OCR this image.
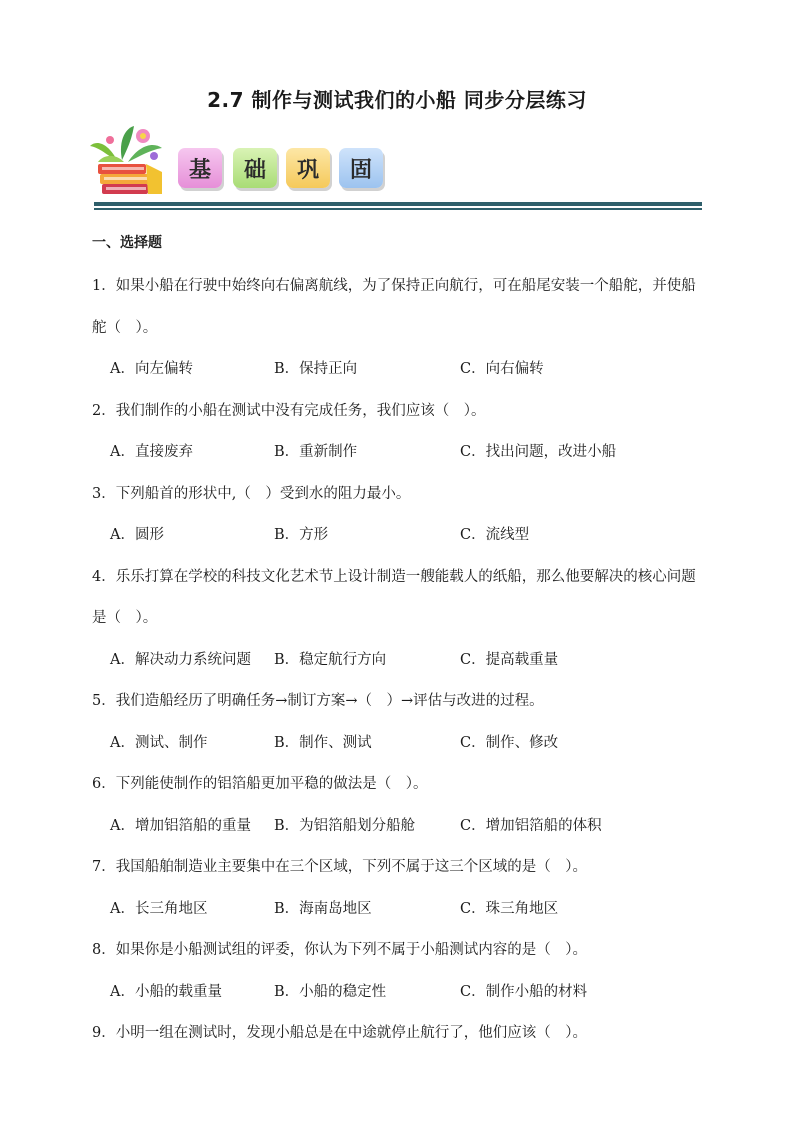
2.7 制作与测试我们的小船 同步分层练习
基	础	巩	固
一、选择题

1．如果小船在行驶中始终向右偏离航线，为了保持正向航行，可在船尾安装一个船舵，并使船

舵（　）。

A．向左偏转	B．保持正向	C．向右偏转

2．我们制作的小船在测试中没有完成任务，我们应该（　）。

A．直接废弃	B．重新制作	C．找出问题，改进小船

3．下列船首的形状中,（　）受到水的阻力最小。

A．圆形	B．方形	C．流线型

4．乐乐打算在学校的科技文化艺术节上设计制造一艘能载人的纸船，那么他要解决的核心问题

是（　）。

A．解决动力系统问题	B．稳定航行方向	C．提高载重量

5．我们造船经历了明确任务→制订方案→（　）→评估与改进的过程。

A．测试、制作	B．制作、测试	C．制作、修改

6．下列能使制作的铝箔船更加平稳的做法是（　）。

A．增加铝箔船的重量	B．为铝箔船划分船舱	C．增加铝箔船的体积

7．我国船舶制造业主要集中在三个区域，下列不属于这三个区域的是（　）。

A．长三角地区	B．海南岛地区	C．珠三角地区

8．如果你是小船测试组的评委，你认为下列不属于小船测试内容的是（　）。

A．小船的载重量	B．小船的稳定性	C．制作小船的材料

9．小明一组在测试时，发现小船总是在中途就停止航行了，他们应该（　）。
